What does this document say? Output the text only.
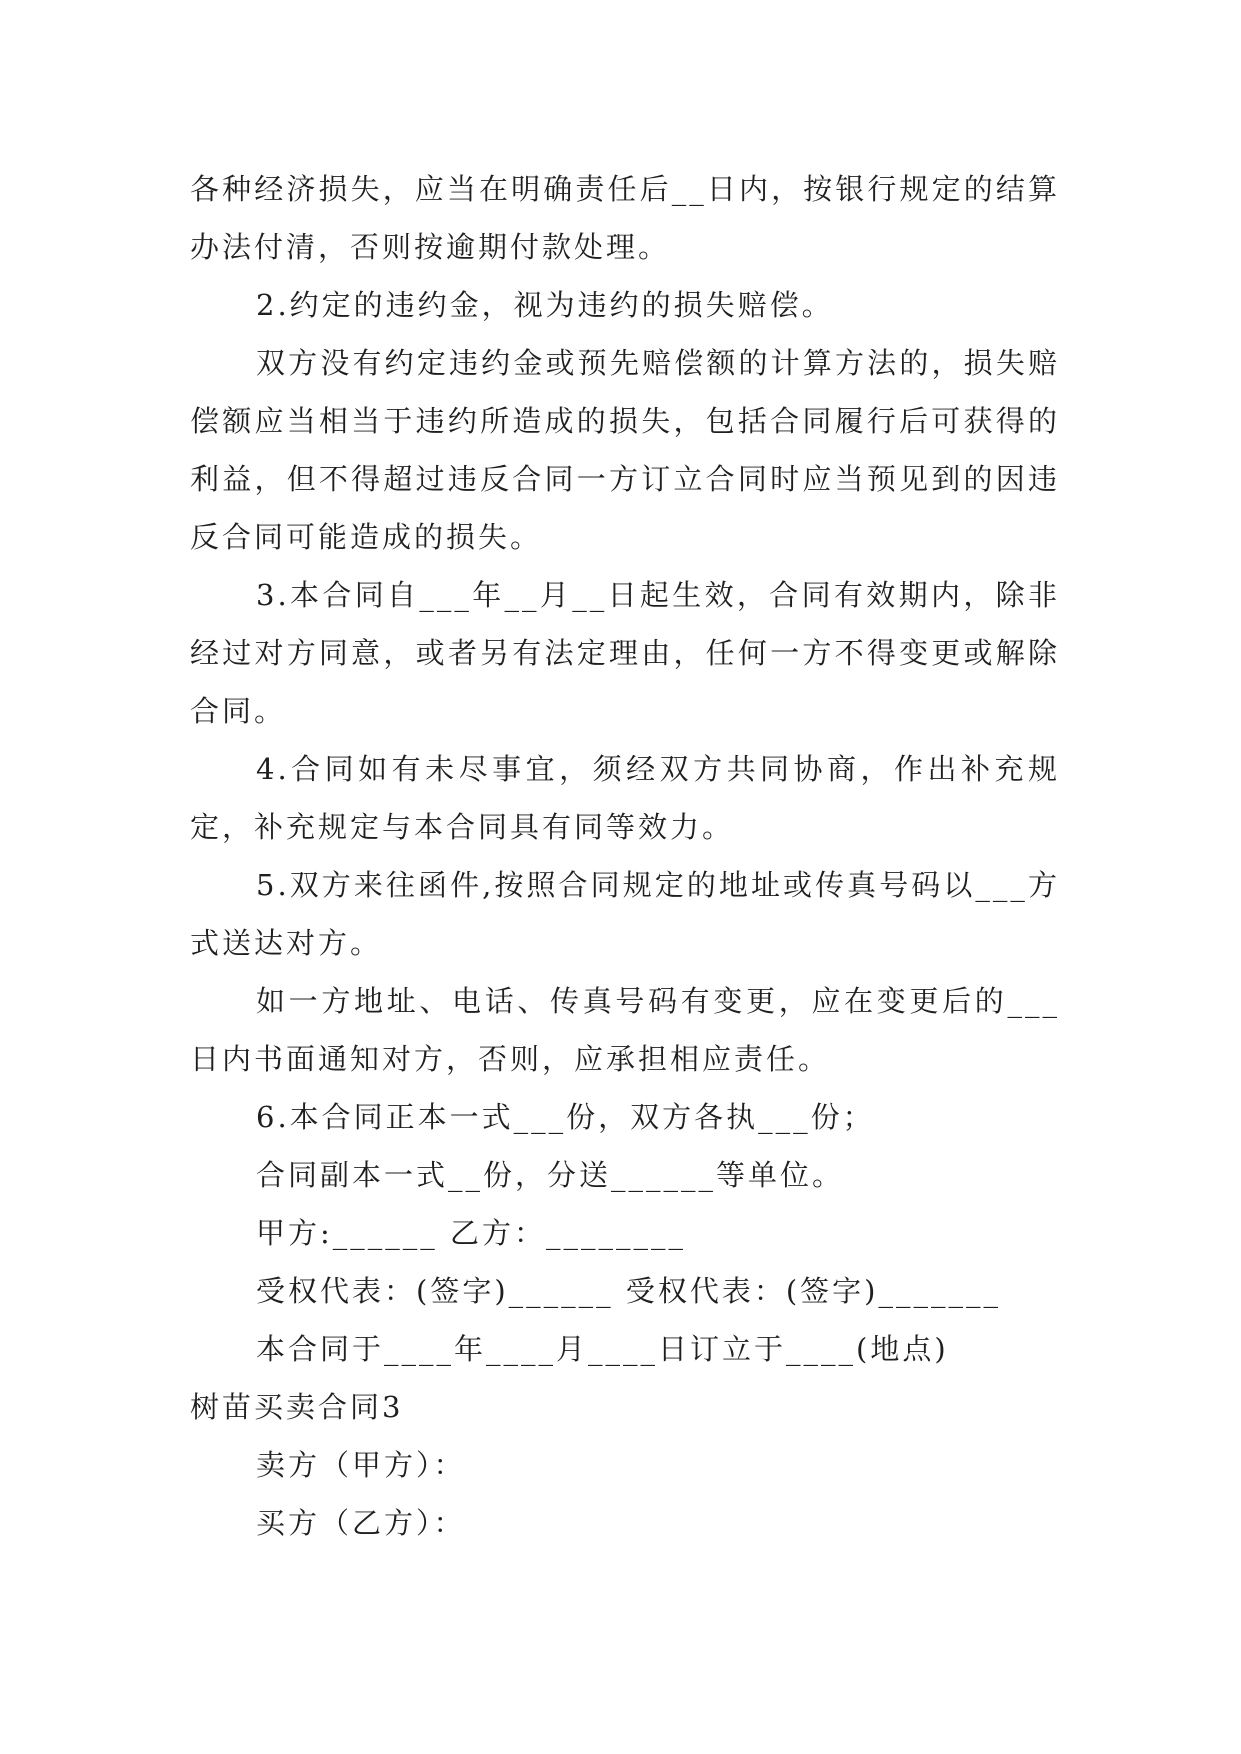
各种经济损失，应当在明确责任后__日内，按银行规定的结算办法付清，否则按逾期付款处理。

2.约定的违约金，视为违约的损失赔偿。

双方没有约定违约金或预先赔偿额的计算方法的，损失赔偿额应当相当于违约所造成的损失，包括合同履行后可获得的利益，但不得超过违反合同一方订立合同时应当预见到的因违反合同可能造成的损失。

3.本合同自___年__月__日起生效，合同有效期内，除非经过对方同意，或者另有法定理由，任何一方不得变更或解除合同。

4.合同如有未尽事宜，须经双方共同协商，作出补充规定，补充规定与本合同具有同等效力。

5.双方来往函件,按照合同规定的地址或传真号码以___方式送达对方。

如一方地址、电话、传真号码有变更，应在变更后的___日内书面通知对方，否则，应承担相应责任。

6.本合同正本一式___份，双方各执___份；

合同副本一式__份，分送______等单位。

甲方:______ 乙方：________

受权代表：(签字)______ 受权代表：(签字)_______

本合同于____年____月____日订立于____(地点)

树苗买卖合同3

卖方（甲方）：

买方（乙方）：
